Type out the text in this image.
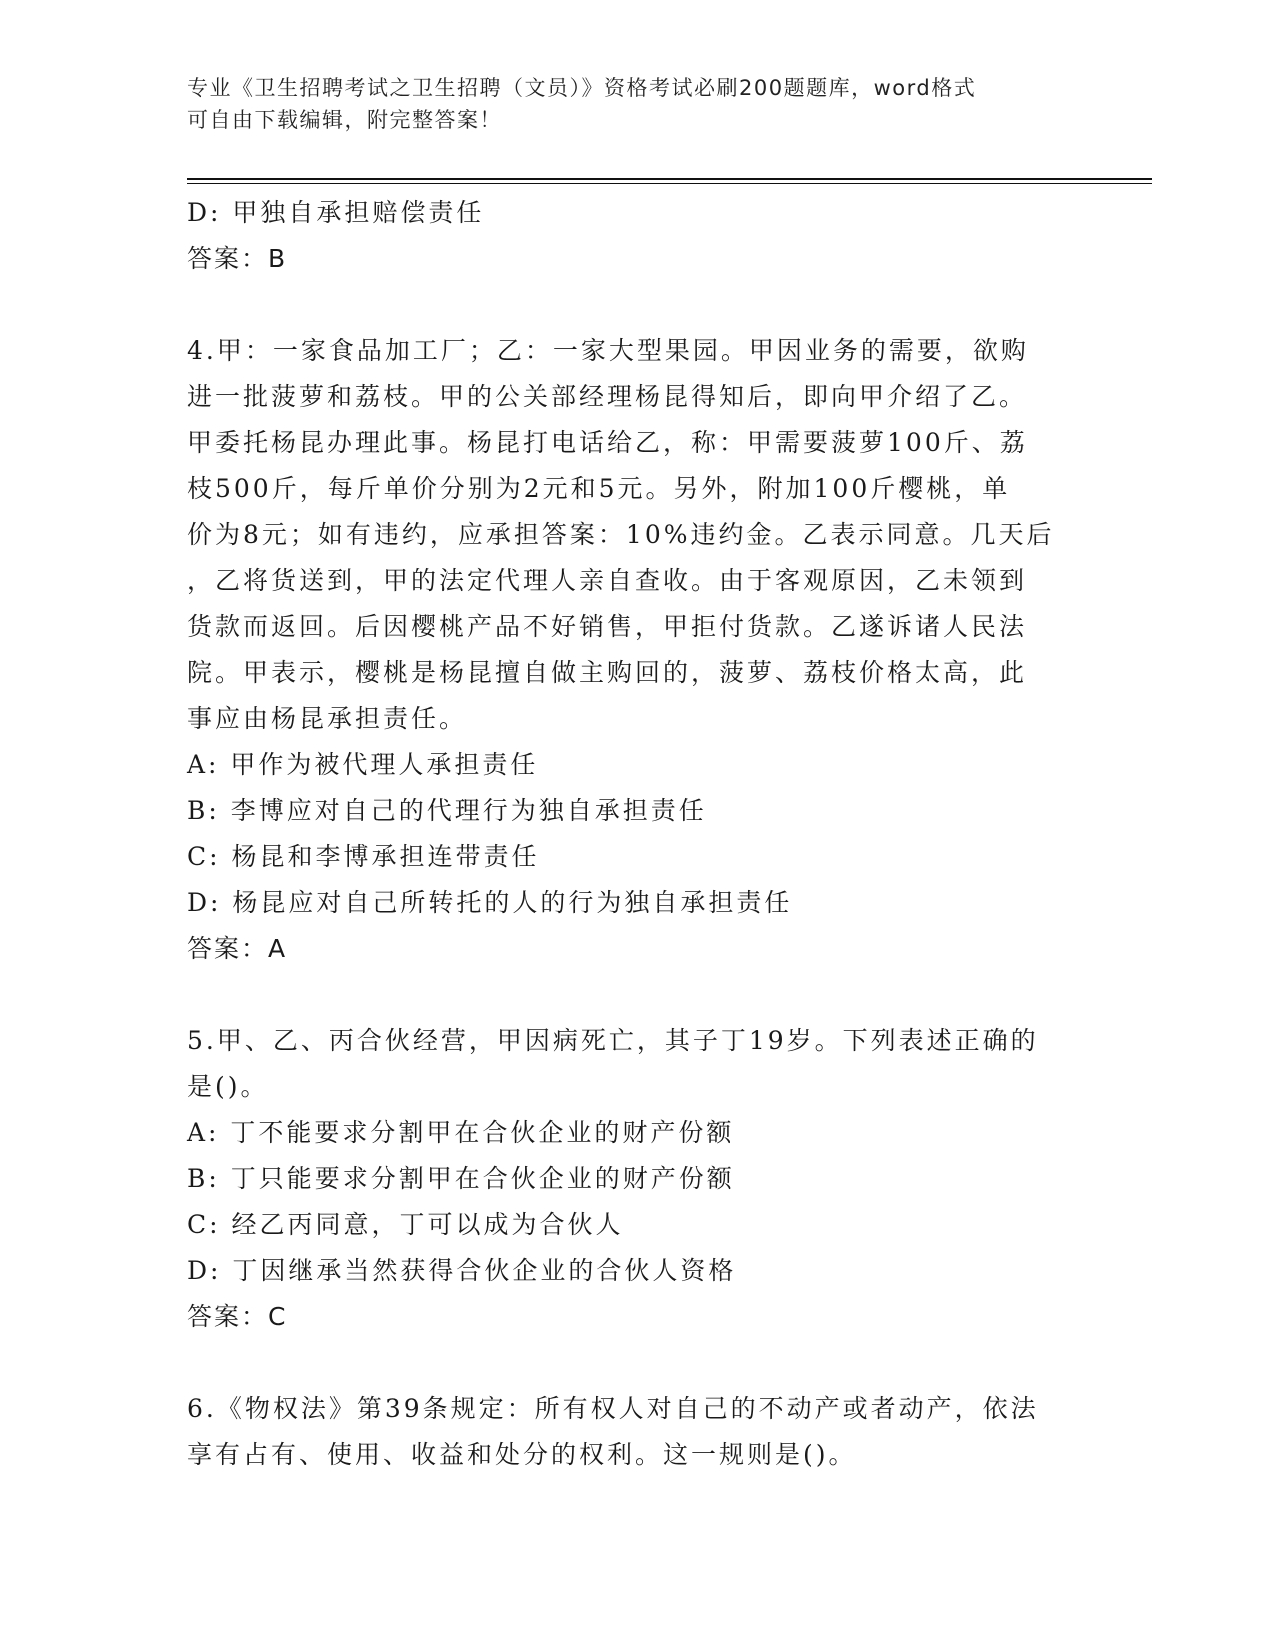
专业《卫生招聘考试之卫生招聘（文员）》资格考试必刷200题题库，word格式
可自由下载编辑，附完整答案！
D: 甲独自承担赔偿责任
答案：B
4.甲：一家食品加工厂；乙：一家大型果园。甲因业务的需要，欲购
进一批菠萝和荔枝。甲的公关部经理杨昆得知后，即向甲介绍了乙。
甲委托杨昆办理此事。杨昆打电话给乙，称：甲需要菠萝100斤、荔
枝500斤，每斤单价分别为2元和5元。另外，附加100斤樱桃，单
价为8元；如有违约，应承担答案：10%违约金。乙表示同意。几天后
，乙将货送到，甲的法定代理人亲自查收。由于客观原因，乙未领到
货款而返回。后因樱桃产品不好销售，甲拒付货款。乙遂诉诸人民法
院。甲表示，樱桃是杨昆擅自做主购回的，菠萝、荔枝价格太高，此
事应由杨昆承担责任。
A: 甲作为被代理人承担责任
B: 李博应对自己的代理行为独自承担责任
C: 杨昆和李博承担连带责任
D: 杨昆应对自己所转托的人的行为独自承担责任
答案：A
5.甲、乙、丙合伙经营，甲因病死亡，其子丁19岁。下列表述正确的
是()。
A: 丁不能要求分割甲在合伙企业的财产份额
B: 丁只能要求分割甲在合伙企业的财产份额
C: 经乙丙同意，丁可以成为合伙人
D: 丁因继承当然获得合伙企业的合伙人资格
答案：C
6.《物权法》第39条规定：所有权人对自己的不动产或者动产，依法
享有占有、使用、收益和处分的权利。这一规则是()。
